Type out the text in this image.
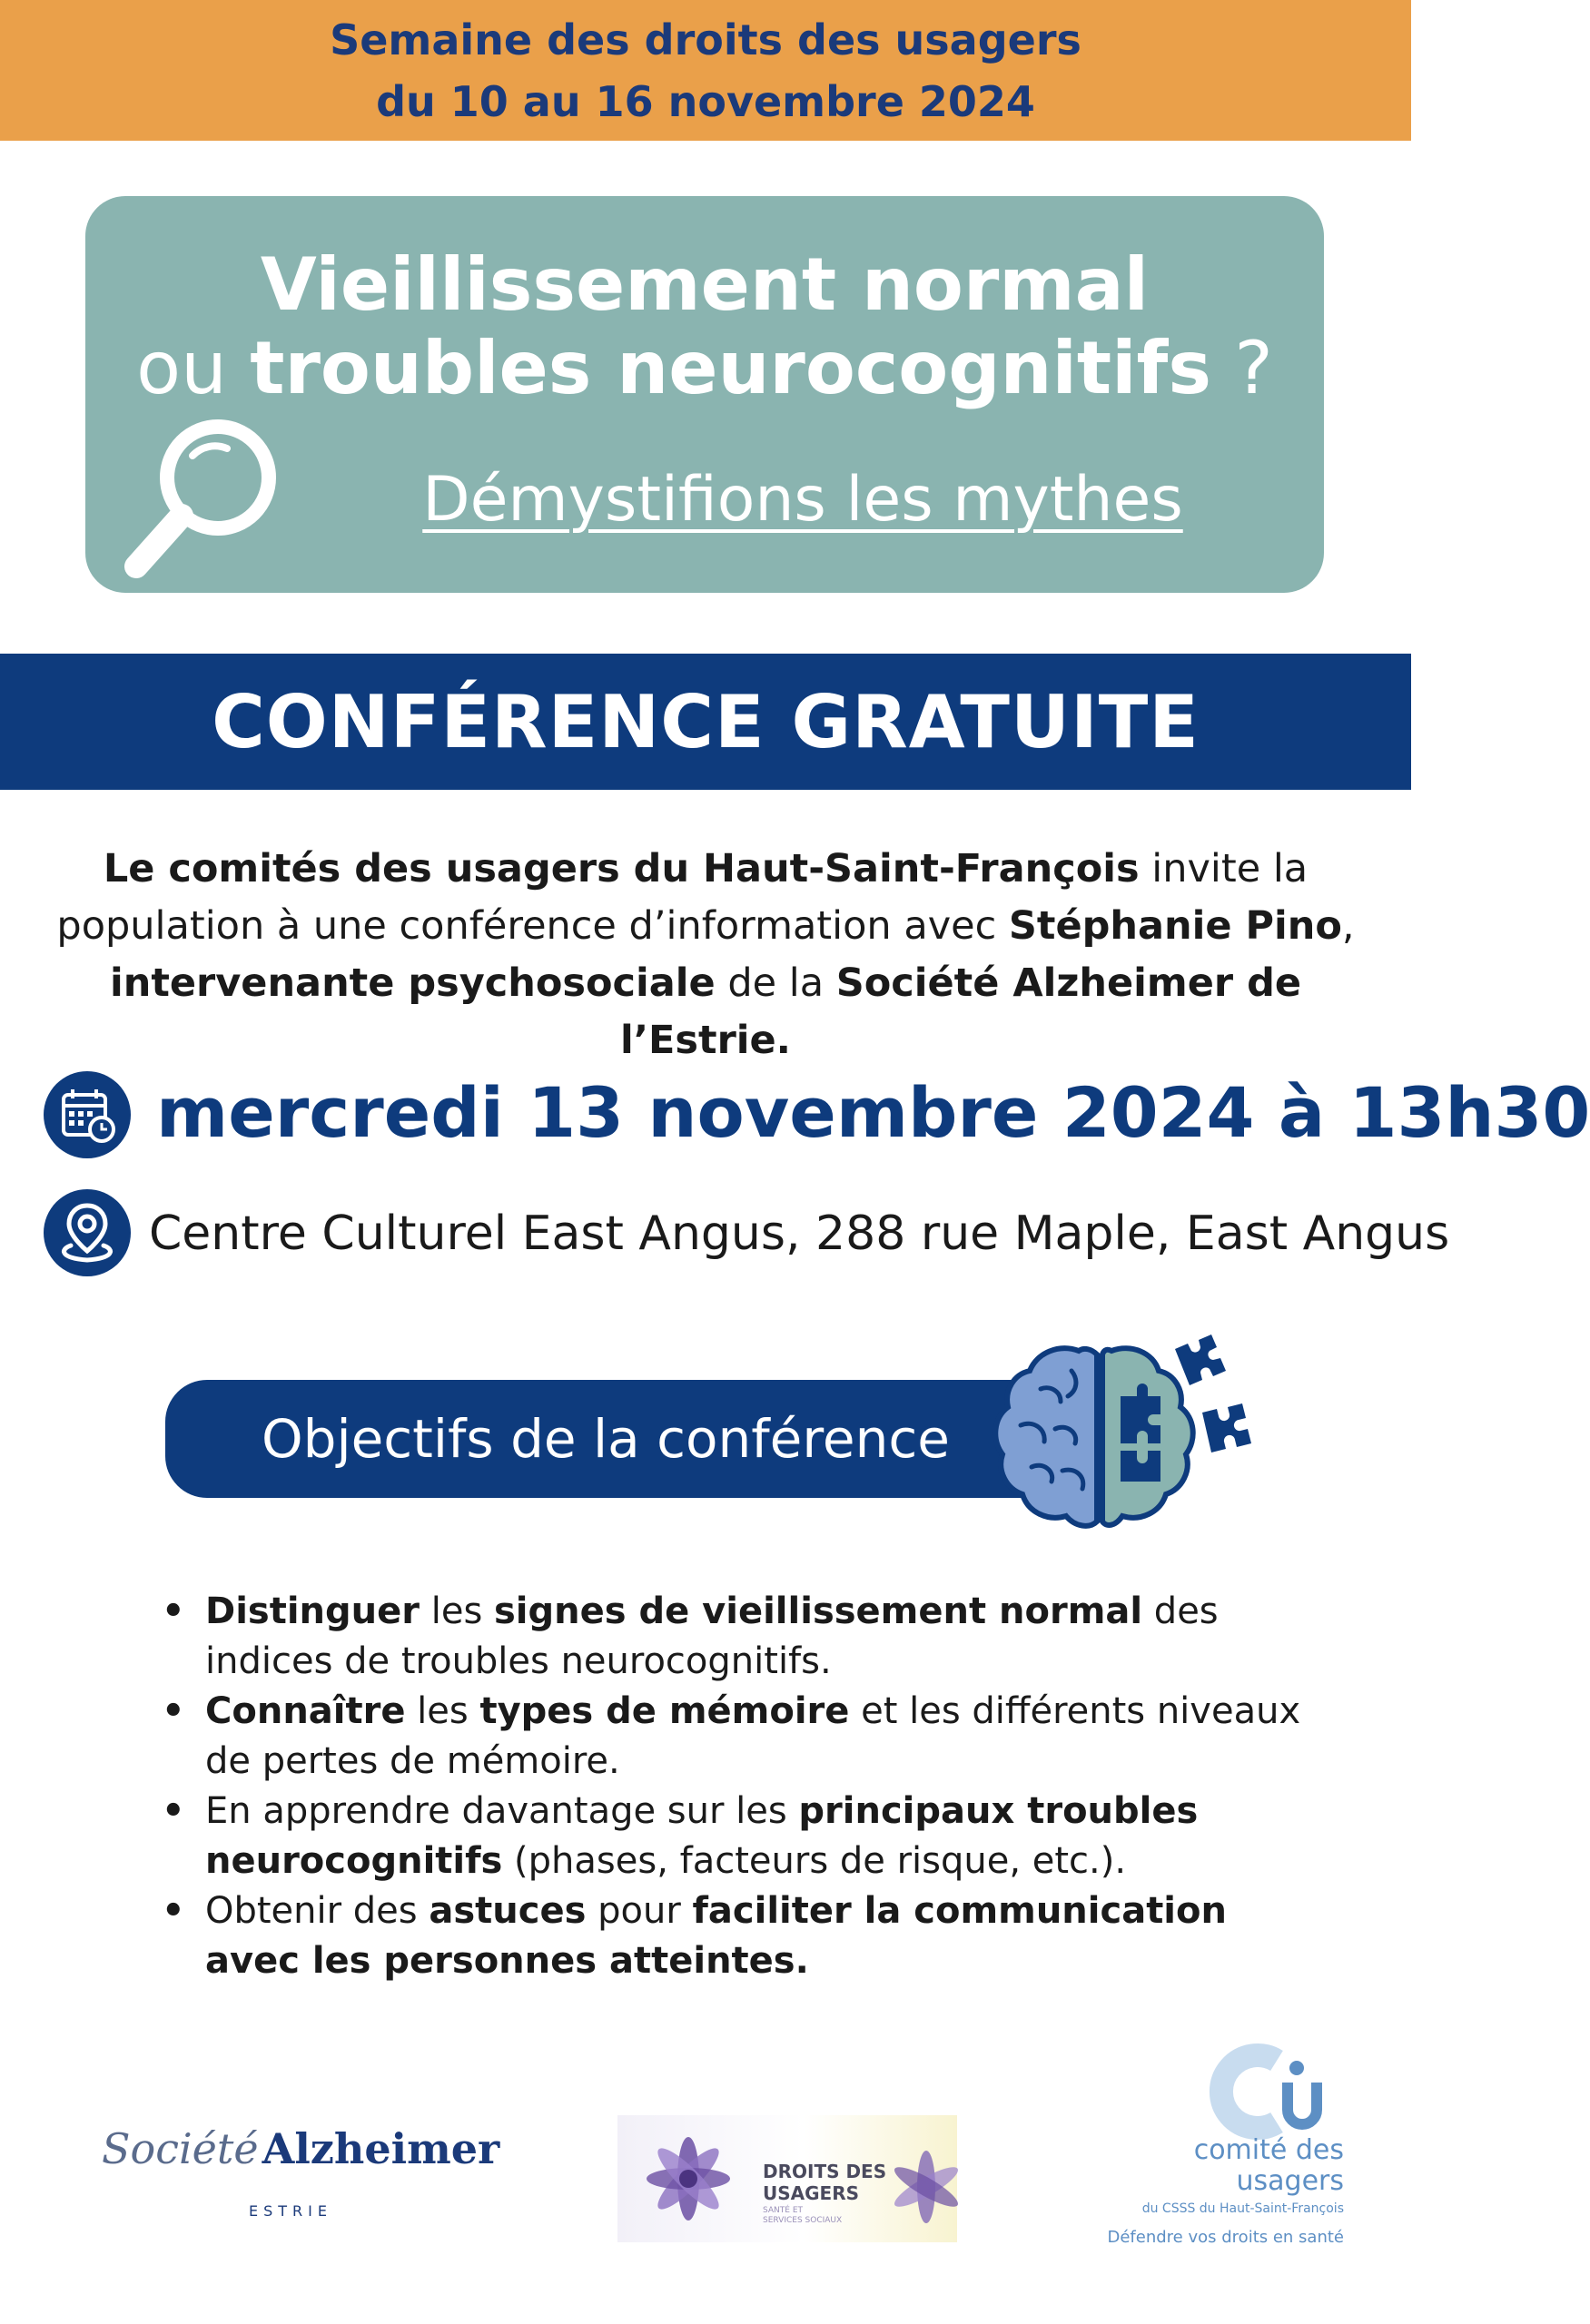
Semaine des droits des usagers
du 10 au 16 novembre 2024
Vieillissement normal
ou troubles neurocognitifs ?
Démystifions les mythes
CONFÉRENCE GRATUITE
Le comités des usagers du Haut-Saint-François invite la population à une conférence d’information avec Stéphanie Pino, intervenante psychosociale de la Société Alzheimer de l’Estrie.
mercredi 13 novembre 2024 à 13h30
Centre Culturel East Angus, 288 rue Maple, East Angus
Objectifs de la conférence
• Distinguer les signes de vieillissement normal des indices de troubles neurocognitifs.
• Connaître les types de mémoire et les différents niveaux de pertes de mémoire.
• En apprendre davantage sur les principaux troubles neurocognitifs (phases, facteurs de risque, etc.).
• Obtenir des astuces pour faciliter la communication avec les personnes atteintes.
SociétéAlzheimer
ESTRIE
DROITS DES
USAGERS
SANTÉ ET
SERVICES SOCIAUX
comité des
usagers
du CSSS du Haut-Saint-François
Défendre vos droits en santé
